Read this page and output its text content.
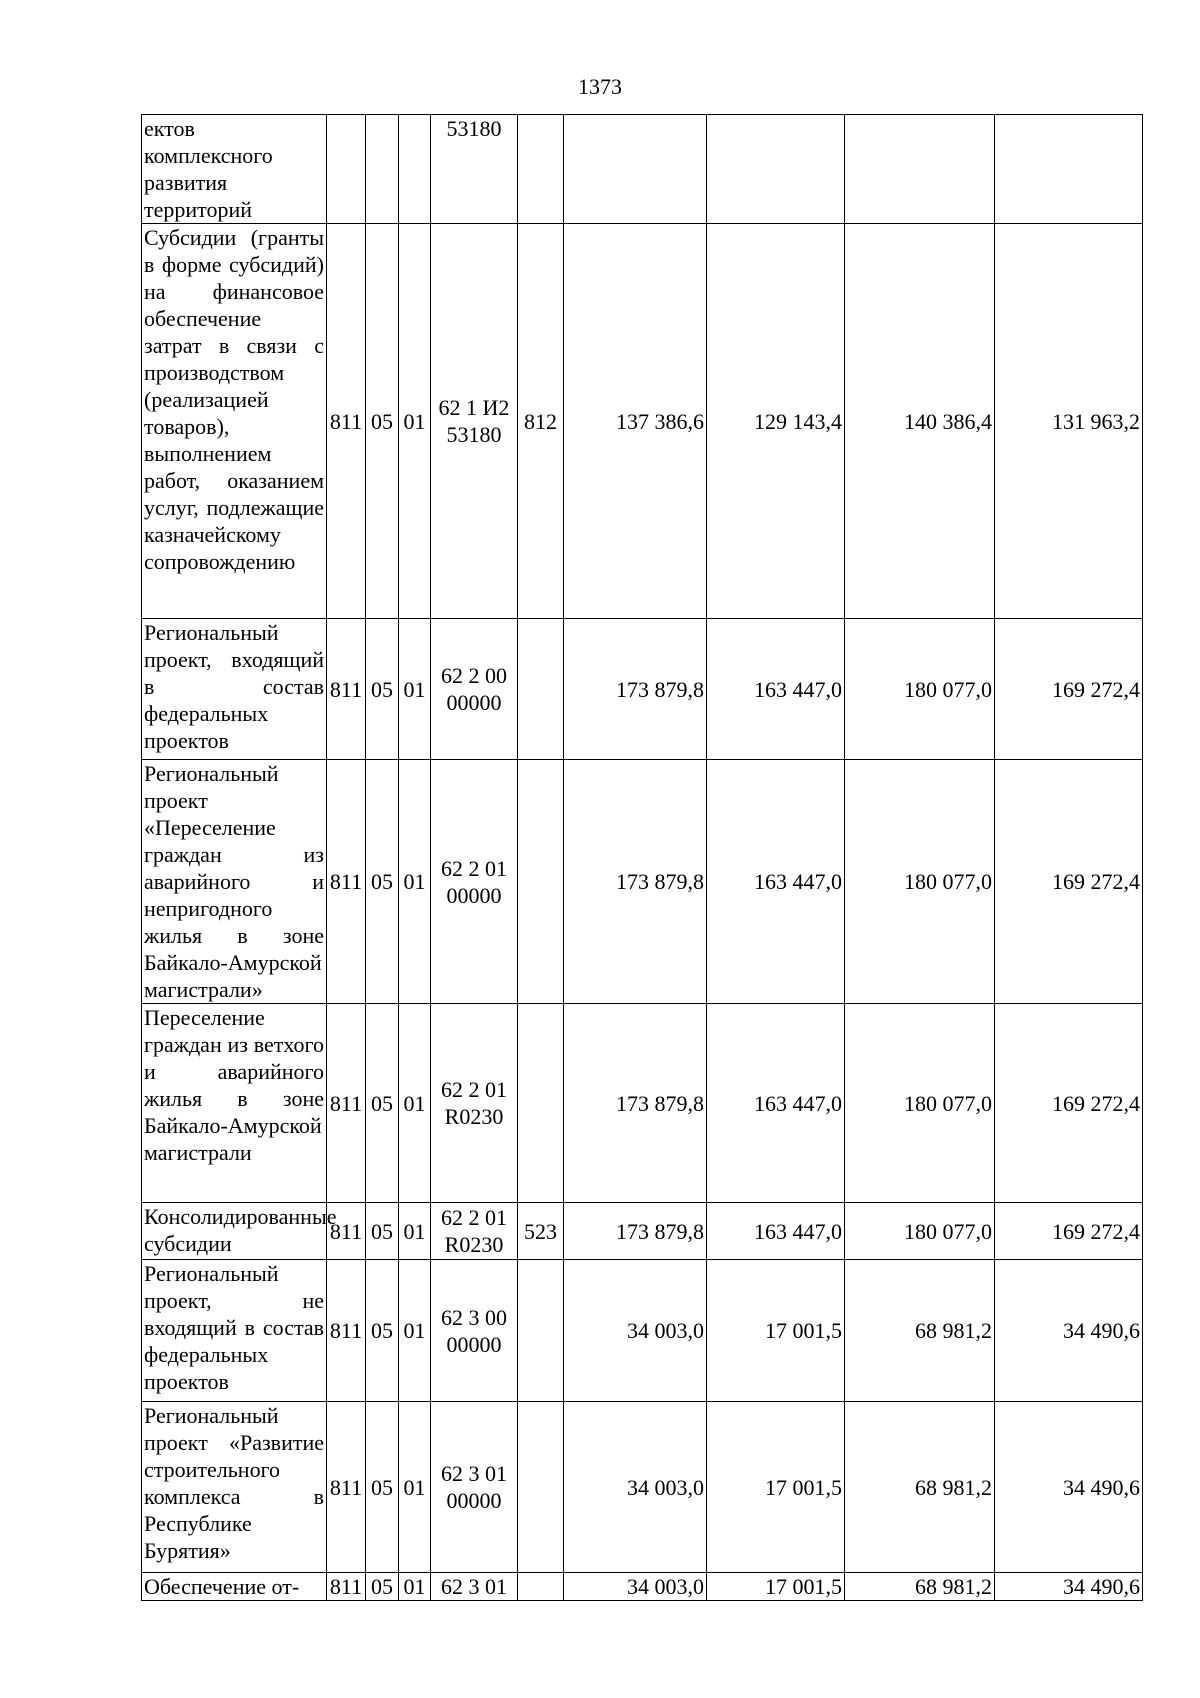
1373
ектов комплексного развития территорий				53180					
Субсидии (гранты в форме субсидий) на финансовое обеспечение затрат в связи с производством (реализацией товаров), выполнением работ, оказанием услуг, подлежащие казначейскому сопровождению	811	05	01	62 1 И2 53180	812	137 386,6	129 143,4	140 386,4	131 963,2
Региональный проект, входящий в состав федеральных проектов	811	05	01	62 2 00 00000		173 879,8	163 447,0	180 077,0	169 272,4
Региональный проект «Переселение граждан из аварийного и непригодного жилья в зоне Байкало-Амурской магистрали»	811	05	01	62 2 01 00000		173 879,8	163 447,0	180 077,0	169 272,4
Переселение граждан из ветхого и аварийного жилья в зоне Байкало-Амурской магистрали	811	05	01	62 2 01 R0230		173 879,8	163 447,0	180 077,0	169 272,4
Консолидированные субсидии	811	05	01	62 2 01 R0230	523	173 879,8	163 447,0	180 077,0	169 272,4
Региональный проект, не входящий в состав федеральных проектов	811	05	01	62 3 00 00000		34 003,0	17 001,5	68 981,2	34 490,6
Региональный проект «Развитие строительного комплекса в Республике Бурятия»	811	05	01	62 3 01 00000		34 003,0	17 001,5	68 981,2	34 490,6
Обеспечение от-	811	05	01	62 3 01		34 003,0	17 001,5	68 981,2	34 490,6
